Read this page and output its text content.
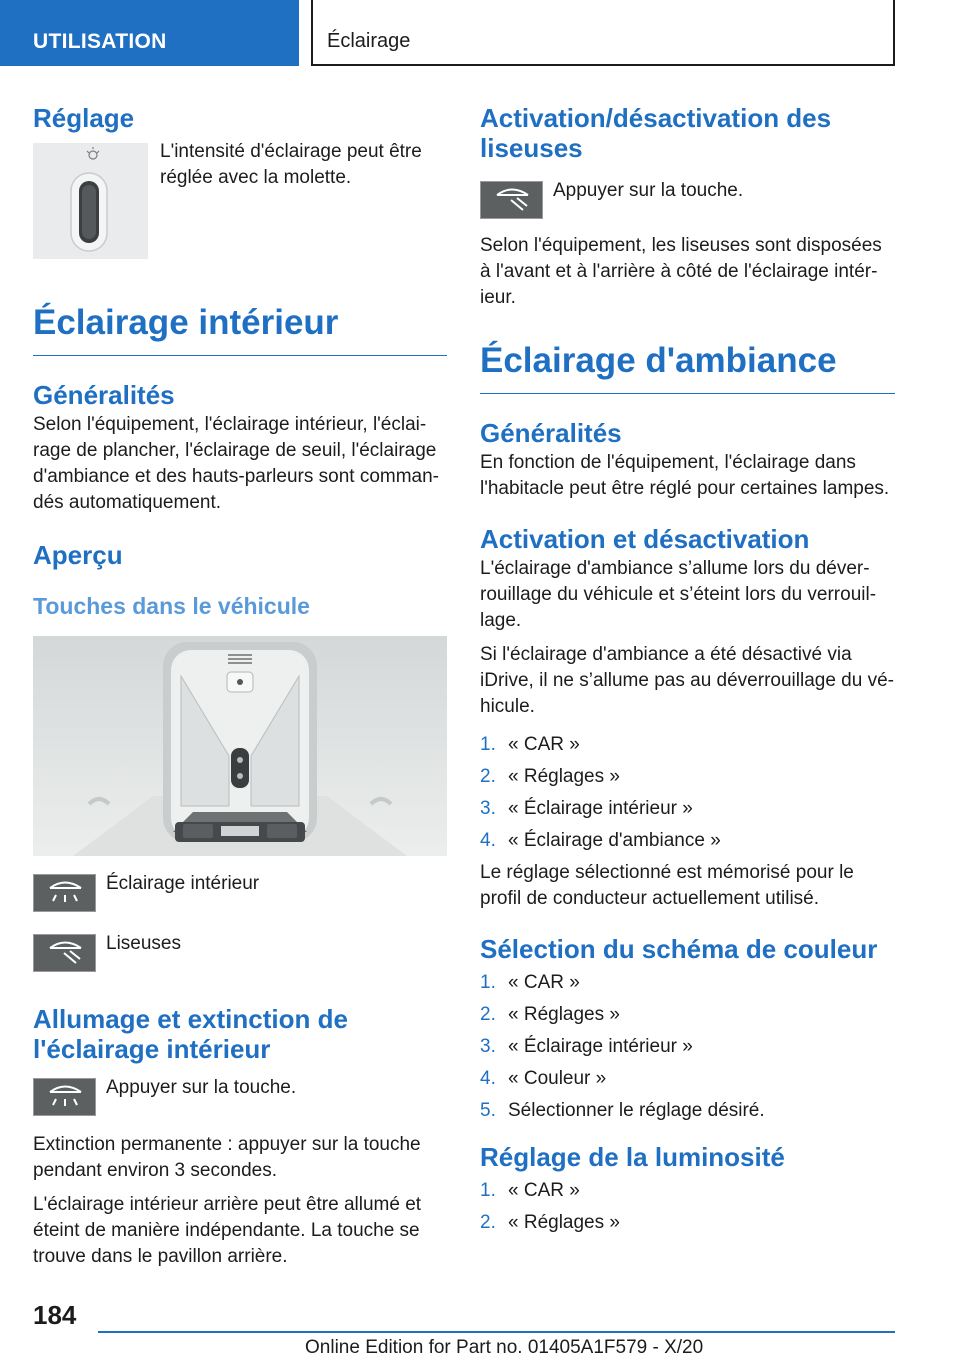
UTILISATION	Éclairage
Réglage
L'intensité d'éclairage peut être réglée avec la molette.
Éclairage intérieur
Généralités

Selon l'équipement, l'éclairage intérieur, l'éclai-rage de plancher, l'éclairage de seuil, l'éclairage d'ambiance et des hauts-parleurs sont comman-dés automatiquement.

Aperçu
Touches dans le véhicule
Éclairage intérieur
Liseuses
Allumage et extinction de l'éclairage intérieur
Appuyer sur la touche.

Extinction permanente : appuyer sur la touche pendant environ 3 secondes.

L'éclairage intérieur arrière peut être allumé et éteint de manière indépendante. La touche se trouve dans le pavillon arrière.

Activation/désactivation des liseuses
Appuyer sur la touche.

Selon l'équipement, les liseuses sont disposées à l'avant et à l'arrière à côté de l'éclairage intér-ieur.

Éclairage d'ambiance
Généralités

En fonction de l'équipement, l'éclairage dans l'habitacle peut être réglé pour certaines lampes.

Activation et désactivation

L'éclairage d'ambiance s’allume lors du déver-rouillage du véhicule et s’éteint lors du verrouil-lage.

Si l'éclairage d'ambiance a été désactivé via iDrive, il ne s’allume pas au déverrouillage du vé-hicule.

1. « CAR »
2. « Réglages »
3. « Éclairage intérieur »
4. « Éclairage d'ambiance »

Le réglage sélectionné est mémorisé pour le profil de conducteur actuellement utilisé.

Sélection du schéma de couleur
1. « CAR »
2. « Réglages »
3. « Éclairage intérieur »
4. « Couleur »
5. Sélectionner le réglage désiré.
Réglage de la luminosité
1. « CAR »
2. « Réglages »
184
Online Edition for Part no. 01405A1F579 - X/20
